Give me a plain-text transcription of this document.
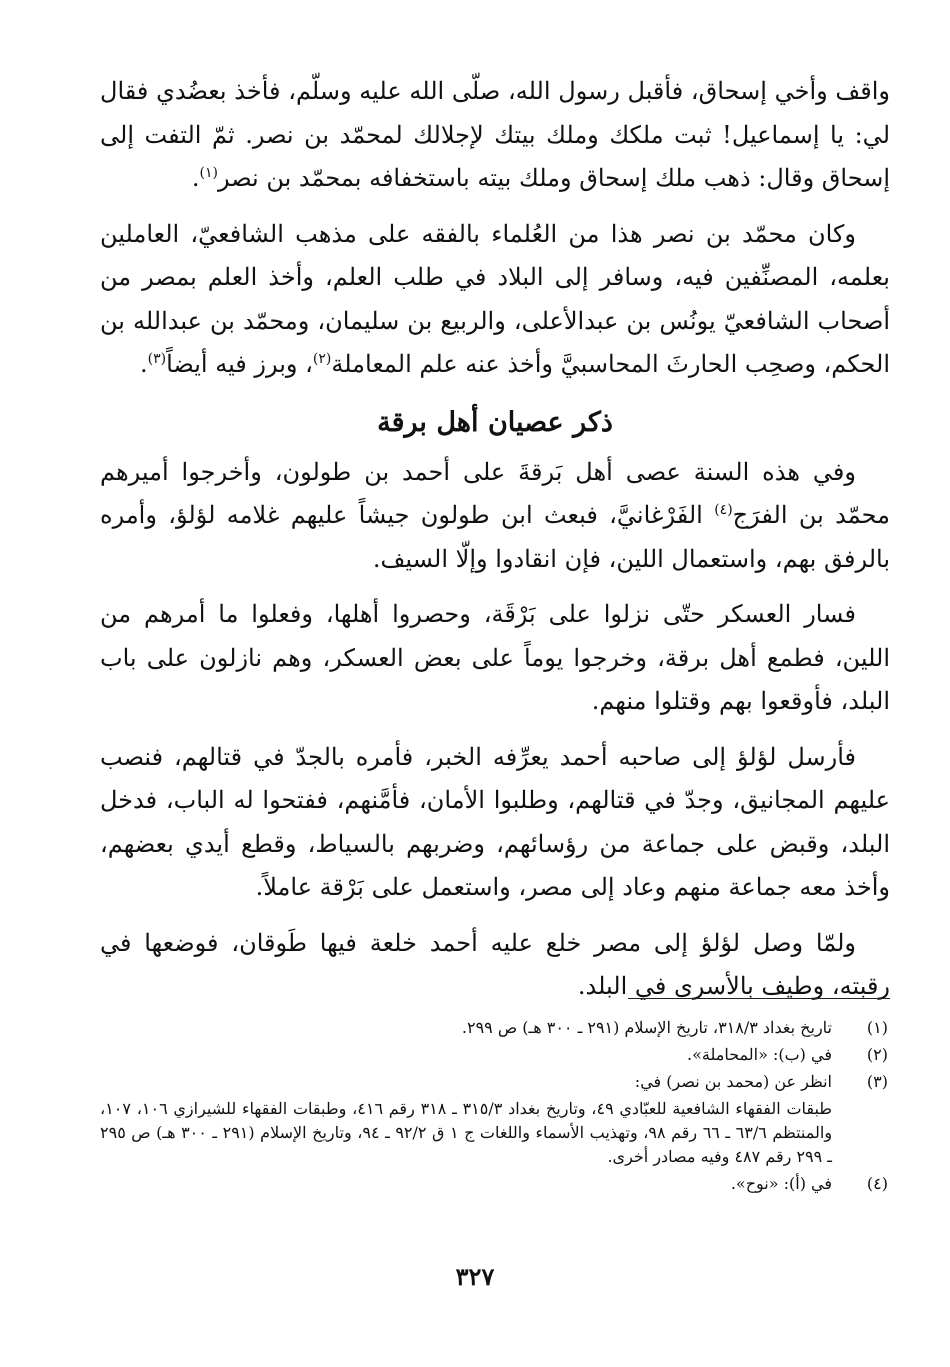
واقف وأخي إسحاق، فأقبل رسول الله، صلّى الله عليه وسلّم، فأخذ بعضُدي فقال لي: يا إسماعيل! ثبت ملكك وملك بيتك لإجلالك لمحمّد بن نصر. ثمّ التفت إلى إسحاق وقال: ذهب ملك إسحاق وملك بيته باستخفافه بمحمّد بن نصر$^{(١)}$.

وكان محمّد بن نصر هذا من العُلماء بالفقه على مذهب الشافعيّ، العاملين بعلمه، المصنِّفين فيه، وسافر إلى البلاد في طلب العلم، وأخذ العلم بمصر من أصحاب الشافعيّ يونُس بن عبدالأعلى، والربيع بن سليمان، ومحمّد بن عبدالله بن الحكم، وصحِب الحارثَ المحاسبيَّ وأخذ عنه علم المعاملة$^{(٢)}$، وبرز فيه أيضاً$^{(٣)}$.

ذكر عصيان أهل برقة

وفي هذه السنة عصى أهل بَرقةَ على أحمد بن طولون، وأخرجوا أميرهم محمّد بن الفرَج$^{(٤)}$ الفَرْغانيَّ، فبعث ابن طولون جيشاً عليهم غلامه لؤلؤ، وأمره بالرفق بهم، واستعمال اللين، فإن انقادوا وإلّا السيف.

فسار العسكر حتّى نزلوا على بَرْقَة، وحصروا أهلها، وفعلوا ما أمرهم من اللين، فطمع أهل برقة، وخرجوا يوماً على بعض العسكر، وهم نازلون على باب البلد، فأوقعوا بهم وقتلوا منهم.

فأرسل لؤلؤ إلى صاحبه أحمد يعرِّفه الخبر، فأمره بالجدّ في قتالهم، فنصب عليهم المجانيق، وجدّ في قتالهم، وطلبوا الأمان، فأمَّنهم، ففتحوا له الباب، فدخل البلد، وقبض على جماعة من رؤسائهم، وضربهم بالسياط، وقطع أيدي بعضهم، وأخذ معه جماعة منهم وعاد إلى مصر، واستعمل على بَرْقة عاملاً.

ولمّا وصل لؤلؤ إلى مصر خلع عليه أحمد خلعة فيها طَوقان، فوضعها في رقبته، وطيف بالأسرى في البلد.

(١)
تاريخ بغداد ٣١٨/٣، تاريخ الإسلام (٢٩١ ـ ٣٠٠ هـ) ص ٢٩٩.
(٢)
في (ب): «المحاملة».
(٣)
انظر عن (محمد بن نصر) في:
طبقات الفقهاء الشافعية للعبّادي ٤٩، وتاريخ بغداد ٣١٥/٣ ـ ٣١٨ رقم ٤١٦، وطبقات الفقهاء للشيرازي ١٠٦، ١٠٧، والمنتظم ٦٣/٦ ـ ٦٦ رقم ٩٨، وتهذيب الأسماء واللغات ج ١ ق ٩٢/٢ ـ ٩٤، وتاريخ الإسلام (٢٩١ ـ ٣٠٠ هـ) ص ٢٩٥ ـ ٢٩٩ رقم ٤٨٧ وفيه مصادر أخرى.
(٤)
في (أ): «نوح».
٣٢٧
